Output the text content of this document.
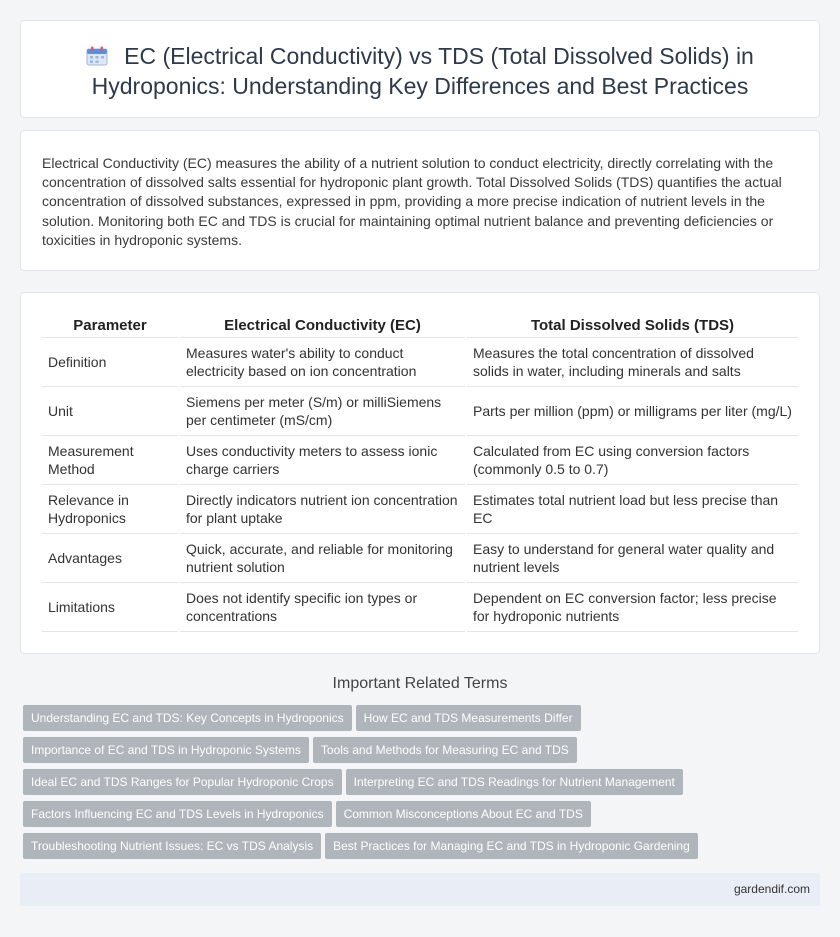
EC (Electrical Conductivity) vs TDS (Total Dissolved Solids) in Hydroponics: Understanding Key Differences and Best Practices

Electrical Conductivity (EC) measures the ability of a nutrient solution to conduct electricity, directly correlating with the concentration of dissolved salts essential for hydroponic plant growth. Total Dissolved Solids (TDS) quantifies the actual concentration of dissolved substances, expressed in ppm, providing a more precise indication of nutrient levels in the solution. Monitoring both EC and TDS is crucial for maintaining optimal nutrient balance and preventing deficiencies or toxicities in hydroponic systems.

Parameter	Electrical Conductivity (EC)	Total Dissolved Solids (TDS)
Definition	Measures water's ability to conduct electricity based on ion concentration	Measures the total concentration of dissolved solids in water, including minerals and salts
Unit	Siemens per meter (S/m) or milliSiemens per centimeter (mS/cm)	Parts per million (ppm) or milligrams per liter (mg/L)
Measurement Method	Uses conductivity meters to assess ionic charge carriers	Calculated from EC using conversion factors (commonly 0.5 to 0.7)
Relevance in Hydroponics	Directly indicators nutrient ion concentration for plant uptake	Estimates total nutrient load but less precise than EC
Advantages	Quick, accurate, and reliable for monitoring nutrient solution	Easy to understand for general water quality and nutrient levels
Limitations	Does not identify specific ion types or concentrations	Dependent on EC conversion factor; less precise for hydroponic nutrients
Important Related Terms
Understanding EC and TDS: Key Concepts in Hydroponics How EC and TDS Measurements Differ
Importance of EC and TDS in Hydroponic Systems Tools and Methods for Measuring EC and TDS
Ideal EC and TDS Ranges for Popular Hydroponic Crops Interpreting EC and TDS Readings for Nutrient Management
Factors Influencing EC and TDS Levels in Hydroponics Common Misconceptions About EC and TDS
Troubleshooting Nutrient Issues: EC vs TDS Analysis Best Practices for Managing EC and TDS in Hydroponic Gardening
gardendif.com
